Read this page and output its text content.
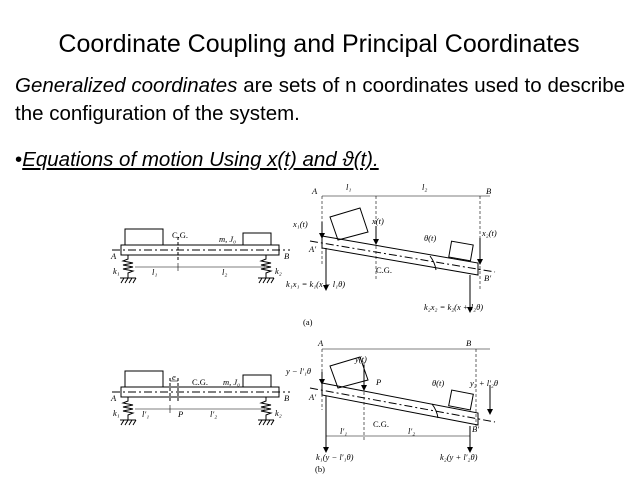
Coordinate Coupling and Principal Coordinates
Generalized coordinates are sets of n coordinates used to describe the configuration of the system.
•Equations of motion Using x(t) and ϑ(t).
C.G.	m, J₀
A	B
k₁	k₂
l₁	l₂
A	B
l₁	l₂
x₁(t)	x(t)
θ(t)	x₂(t)
A′
B′
C.G.
k₁x₁ = k₁(x − l₁θ)
k₂x₂ = k₂(x + l₂θ)
(a)
e C.G. m, J₀
A	B
k₁	k₂
l′₁	P	l′₂
A	B
y(t)
y − l′₁θ
P	θ(t)	y₂ + l′₂θ
A′
B′
C.G.
l′₁	l′₂
k₁(y − l′₁θ)	k₂(y + l′₂θ)
(b)
